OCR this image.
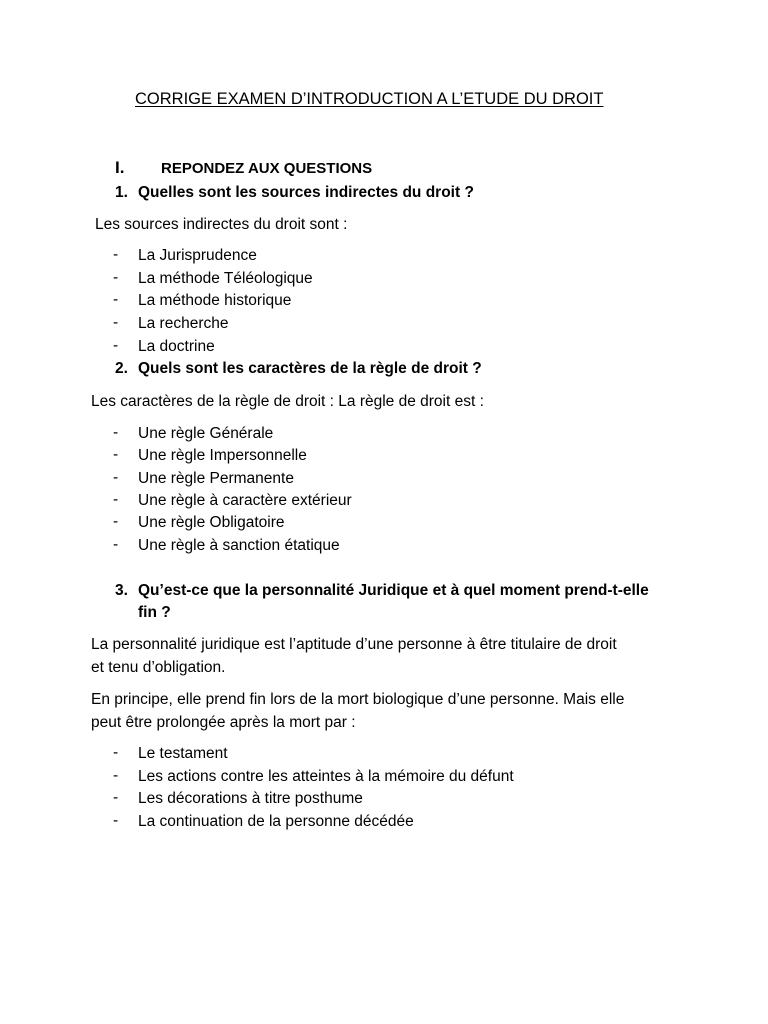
CORRIGE EXAMEN D’INTRODUCTION A L’ETUDE DU DROIT
I. REPONDEZ AUX QUESTIONS
1. Quelles sont les sources indirectes du droit ?
Les sources indirectes du droit sont :
- La Jurisprudence
- La méthode Téléologique
- La méthode historique
- La recherche
- La doctrine
2. Quels sont les caractères de la règle de droit ?
Les caractères de la règle de droit : La règle de droit est :
- Une règle Générale
- Une règle Impersonnelle
- Une règle Permanente
- Une règle à caractère extérieur
- Une règle Obligatoire
- Une règle à sanction étatique
3. Qu’est-ce que la personnalité Juridique et à quel moment prend-t-elle
fin ?
La personnalité juridique est l’aptitude d’une personne à être titulaire de droit
et tenu d’obligation.
En principe, elle prend fin lors de la mort biologique d’une personne. Mais elle
peut être prolongée après la mort par :
- Le testament
- Les actions contre les atteintes à la mémoire du défunt
- Les décorations à titre posthume
- La continuation de la personne décédée
